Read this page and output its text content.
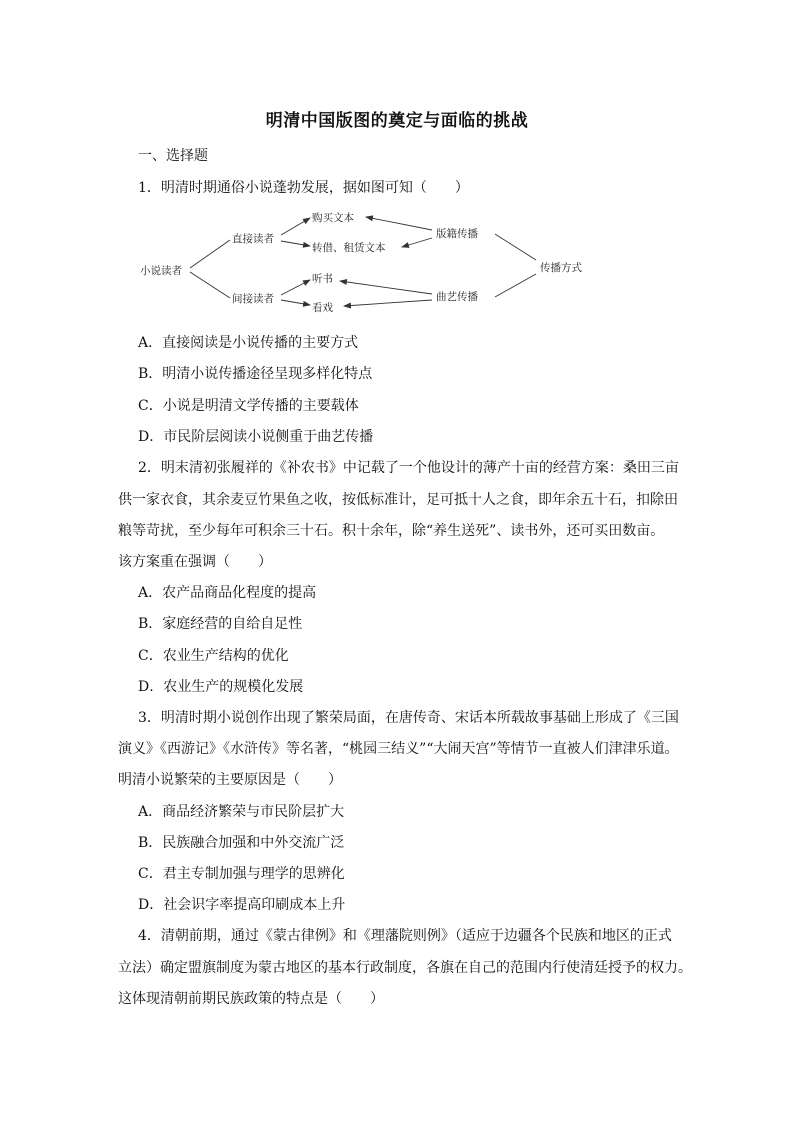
明清中国版图的奠定与面临的挑战
一、选择题
1．明清时期通俗小说蓬勃发展，据如图可知（　　）
小说读者
直接读者
间接读者
购买文本
转借、租赁文本
听书
看戏
版籍传播
曲艺传播
传播方式
A．直接阅读是小说传播的主要方式
B．明清小说传播途径呈现多样化特点
C．小说是明清文学传播的主要载体
D．市民阶层阅读小说侧重于曲艺传播
2．明末清初张履祥的《补农书》中记载了一个他设计的薄产十亩的经营方案：桑田三亩
供一家衣食，其余麦豆竹果鱼之收，按低标准计，足可抵十人之食，即年余五十石，扣除田
粮等苛扰，至少每年可积余三十石。积十余年，除“养生送死”、读书外，还可买田数亩。
该方案重在强调（　　）
A．农产品商品化程度的提高
B．家庭经营的自给自足性
C．农业生产结构的优化
D．农业生产的规模化发展
3．明清时期小说创作出现了繁荣局面，在唐传奇、宋话本所载故事基础上形成了《三国
演义》《西游记》《水浒传》等名著，“桃园三结义”“大闹天宫”等情节一直被人们津津乐道。
明清小说繁荣的主要原因是（　　）
A．商品经济繁荣与市民阶层扩大
B．民族融合加强和中外交流广泛
C．君主专制加强与理学的思辨化
D．社会识字率提高印刷成本上升
4．清朝前期，通过《蒙古律例》和《理藩院则例》（适应于边疆各个民族和地区的正式
立法）确定盟旗制度为蒙古地区的基本行政制度，各旗在自己的范围内行使清廷授予的权力。
这体现清朝前期民族政策的特点是（　　）
